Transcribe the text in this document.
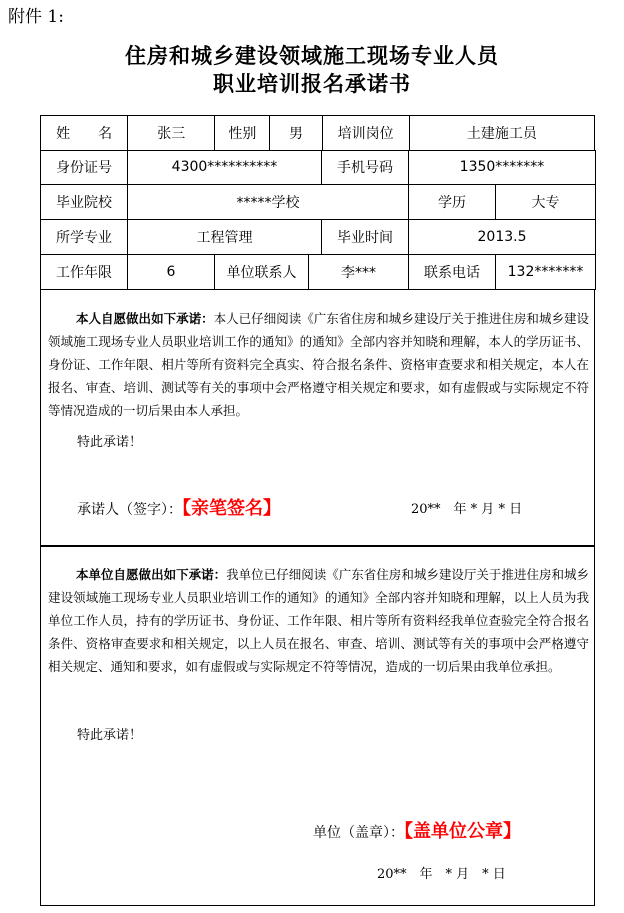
附件 1:
住房和城乡建设领域施工现场专业人员
职业培训报名承诺书
姓　　名	张三	性别	男	培训岗位	土建施工员
身份证号	4300**********	手机号码	1350*******
毕业院校	*****学校	学历	大专
所学专业	工程管理	毕业时间	2013.5
工作年限	6	单位联系人	李***	联系电话	132*******
本人自愿做出如下承诺：本人已仔细阅读《广东省住房和城乡建设厅关于推进住房和城乡建设领域施工现场专业人员职业培训工作的通知》的通知》全部内容并知晓和理解，本人的学历证书、身份证、工作年限、相片等所有资料完全真实、符合报名条件、资格审查要求和相关规定，本人在报名、审查、培训、测试等有关的事项中会严格遵守相关规定和要求，如有虚假或与实际规定不符等情况造成的一切后果由本人承担。
特此承诺！
承诺人（签字）：【亲笔签名】	20**　年 * 月 * 日
本单位自愿做出如下承诺：我单位已仔细阅读《广东省住房和城乡建设厅关于推进住房和城乡建设领域施工现场专业人员职业培训工作的通知》的通知》全部内容并知晓和理解，以上人员为我单位工作人员，持有的学历证书、身份证、工作年限、相片等所有资料经我单位查验完全符合报名条件、资格审查要求和相关规定，以上人员在报名、审查、培训、测试等有关的事项中会严格遵守相关规定、通知和要求，如有虚假或与实际规定不符等情况，造成的一切后果由我单位承担。
特此承诺！
单位（盖章）：【盖单位公章】
20**　年　* 月　* 日
